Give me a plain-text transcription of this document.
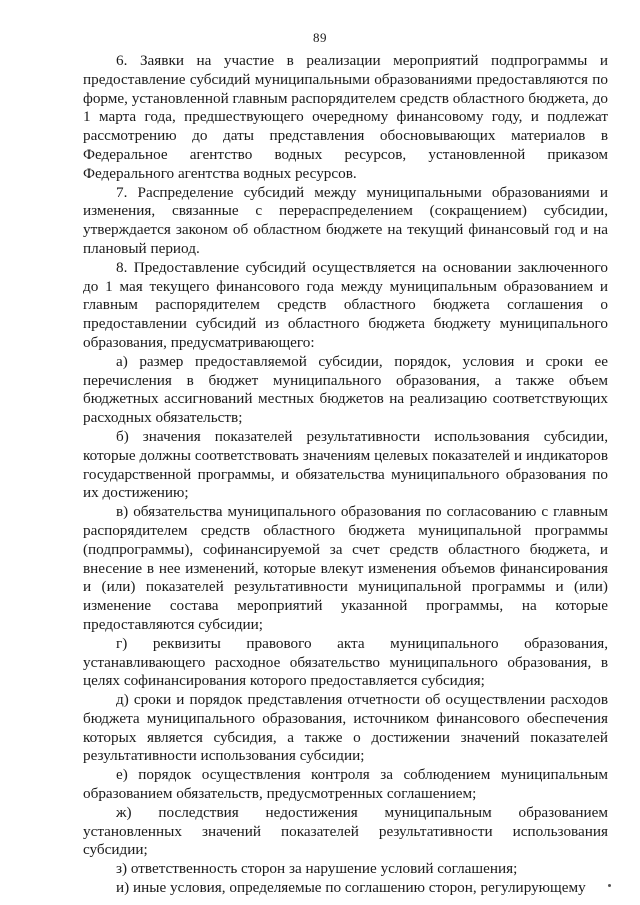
89

6. Заявки на участие в реализации мероприятий подпрограммы и предоставление субсидий муниципальными образованиями предоставляются по форме, установленной главным распорядителем средств областного бюджета, до 1 марта года, предшествующего очередному финансовому году, и подлежат рассмотрению до даты представления обосновывающих материалов в Федеральное агентство водных ресурсов, установленной приказом Федерального агентства водных ресурсов.

7. Распределение субсидий между муниципальными образованиями и изменения, связанные с перераспределением (сокращением) субсидии, утверждается законом об областном бюджете на текущий финансовый год и на плановый период.

8. Предоставление субсидий осуществляется на основании заключенного до 1 мая текущего финансового года между муниципальным образованием и главным распорядителем средств областного бюджета соглашения о предоставлении субсидий из областного бюджета бюджету муниципального образования, предусматривающего:

а) размер предоставляемой субсидии, порядок, условия и сроки ее перечисления в бюджет муниципального образования, а также объем бюджетных ассигнований местных бюджетов на реализацию соответствующих расходных обязательств;

б) значения показателей результативности использования субсидии, которые должны соответствовать значениям целевых показателей и индикаторов государственной программы, и обязательства муниципального образования по их достижению;

в) обязательства муниципального образования по согласованию с главным распорядителем средств областного бюджета муниципальной программы (подпрограммы), софинансируемой за счет средств областного бюджета, и внесение в нее изменений, которые влекут изменения объемов финансирования и (или) показателей результативности муниципальной программы и (или) изменение состава мероприятий указанной программы, на которые предоставляются субсидии;

г) реквизиты правового акта муниципального образования, устанавливающего расходное обязательство муниципального образования, в целях софинансирования которого предоставляется субсидия;

д) сроки и порядок представления отчетности об осуществлении расходов бюджета муниципального образования, источником финансового обеспечения которых является субсидия, а также о достижении значений показателей результативности использования субсидии;

е) порядок осуществления контроля за соблюдением муниципальным образованием обязательств, предусмотренных соглашением;

ж) последствия недостижения муниципальным образованием установленных значений показателей результативности использования субсидии;

з) ответственность сторон за нарушение условий соглашения;

и) иные условия, определяемые по соглашению сторон, регулирующему
